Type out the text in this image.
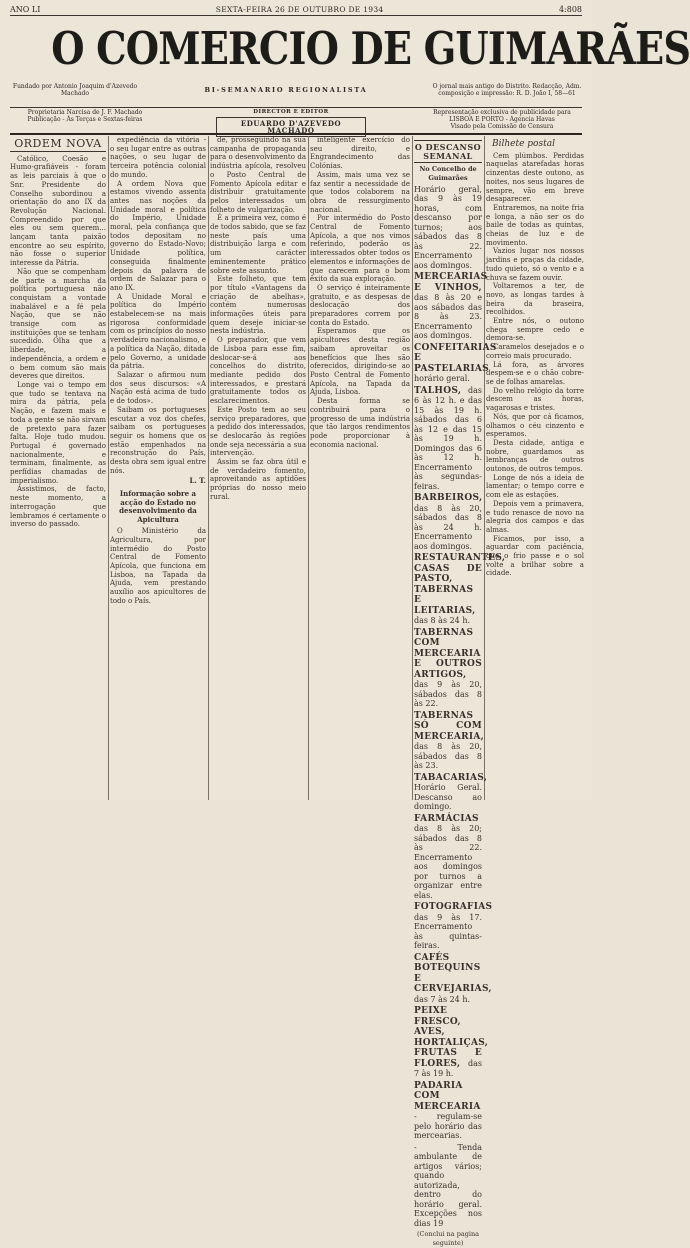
ANO LI	SEXTA-FEIRA 26 DE OUTUBRO DE 1934	4:808
O COMERCIO DE GUIMARÃES
Fundado por Antonio Joaquim d'Azevedo Machado	BI-SEMANARIO REGIONALISTA	O jornal mais antigo do Distrito. Redacção, Adm. composição e impressão: R. D. João I, 58—61
Proprietaria Narcisa de J. F. Machado
Publicação - Às Terças e Sextas-feiras
DIRECTOR E EDITOR
EDUARDO D'AZEVEDO MACHADO
Representação exclusiva de publicidade para LISBOA E PORTO - Agencia Havas
Visado pela Comissão de Censura
ORDEM NOVA

Católico, Coesão e Humo-grafiáveis - foram as leis parciais à que o Snr. Presidente do Conselho subordinou a orientação do ano IX da Revolução Nacional. Compreendido por que eles ou sem querem... lançam tanta paixão encontre ao seu espírito, não fosse o superior interesse da Pátria.

Não que se compenham de parte a marcha da política portuguesa não conquistam a vontade inabalável e a fé pela Nação, que se não transige com as instituições que se tenham sucedido. Olha que a liberdade, a independência, a ordem e o bem comum são mais deveres que direitos.

Longe vai o tempo em que tudo se tentava na mira da pátria, pela Nação, e fazem mais e toda a gente se não sirvam de pretexto para fazer falta. Hoje tudo mudou. Portugal é governado nacionalmente, e terminam, finalmente, as perfídias chamadas de imperialismo.

Assistimos, de facto, neste momento, a interrogação que lembramos é certamente o inverso do passado.

expediência da vitória - o seu lugar entre as outras nações, o seu lugar de terceira potência colonial do mundo.

A ordem Nova que estamos vivendo assenta antes nas noções da Unidade moral e política do Império, Unidade moral, pela confiança que todos depositam no governo do Estado-Novo; Unidade política, conseguida finalmente depois da palavra de ordem de Salazar para o ano IX.

A Unidade Moral e política do Império estabelecem-se na mais rigorosa conformidade com os princípios do nosso verdadeiro nacionalismo, e a política da Nação, ditada pelo Governo, a unidade da pátria.

Salazar o afirmou num dos seus discursos: «A Nação está acima de tudo e de todos».

Saibam os portugueses escutar a voz dos chefes, saibam os portugueses seguir os homens que os estão empenhados na reconstrução do País, desta obra sem igual entre nós.

L. T.
Informação sobre a acção do Estado no desenvolvimento da Apicultura

O Ministério da Agricultura, por intermédio do Posto Central de Fomento Apícola, que funciona em Lisboa, na Tapada da Ajuda, vem prestando auxílio aos apicultores de todo o País.

de, prosseguindo na sua campanha de propaganda para o desenvolvimento da indústria apícola, resolveu o Posto Central de Fomento Apícola editar e distribuir gratuitamente pelos interessados um folheto de vulgarização.

É a primeira vez, como é de todos sabido, que se faz neste país uma distribuição larga e com um carácter eminentemente prático sobre este assunto.

Este folheto, que tem por título «Vantagens da criação de abelhas», contém numerosas informações úteis para quem deseje iniciar-se nesta indústria.

O preparador, que vem de Lisboa para esse fim, deslocar-se-á aos concelhos do distrito, mediante pedido dos interessados, e prestará gratuitamente todos os esclarecimentos.

Este Posto tem ao seu serviço preparadores, que a pedido dos interessados, se deslocarão às regiões onde seja necessária a sua intervenção.

Assim se faz obra útil e de verdadeiro fomento, aproveitando as aptidões próprias do nosso meio rural.

inteligente exercício do seu direito, e Engrandecimento das Colónias.

Assim, mais uma vez se faz sentir a necessidade de que todos colaborem na obra de ressurgimento nacional.

Por intermédio do Posto Central de Fomento Apícola, a que nos vimos referindo, poderão os interessados obter todos os elementos e informações de que carecem para o bom êxito da sua exploração.

O serviço é inteiramente gratuito, e as despesas de deslocação dos preparadores correm por conta do Estado.

Esperamos que os apicultores desta região saibam aproveitar os benefícios que lhes são oferecidos, dirigindo-se ao Posto Central de Fomento Apícola, na Tapada da Ajuda, Lisboa.

Desta forma se contribuirá para o progresso de uma indústria que tão largos rendimentos pode proporcionar à economia nacional.

O DESCANSO SEMANAL
No Concelho de Guimarães

Horário geral, das 9 às 19 horas, com descanso por turnos; aos sábados das 8 às 22. Encerramento aos domingos.

MERCEARIAS E VINHOS, das 8 às 20 e aos sábados das 8 às 23. Encerramento aos domingos.

CONFEITARIAS E PASTELARIAS horário geral.

TALHOS, das 6 às 12 h. e das 15 às 19 h. sábados das 6 às 12 e das 15 às 19 h. Domingos das 6 às 12 h. Encerramento às segundas-feiras.

BARBEIROS, das 8 às 20, sábados das 8 às 24 h. Encerramento aos domingos.

RESTAURANTES, CASAS DE PASTO, TABERNAS E LEITARIAS, das 8 às 24 h.

TABERNAS COM MERCEARIA E OUTROS ARTIGOS, das 9 às 20, sábados das 8 às 22.

TABERNAS SÓ COM MERCEARIA, das 8 às 20, sábados das 8 às 23.

TABACARIAS, Horário Geral. Descanso ao domingo.

FARMÁCIAS das 8 às 20; sábados das 8 às 22. Encerramento aos domingos por turnos a organizar entre elas.

FOTOGRAFIAS das 9 às 17. Encerramento às quintas-feiras.

CAFÉS BOTEQUINS E CERVEJARIAS, das 7 às 24 h.

PEIXE FRESCO, AVES, HORTALIÇAS, FRUTAS E FLORES, das 7 às 19 h.

PADARIA COM MERCEARIA - regulam-se pelo horário das mercearias.

- Tenda ambulante de artigos vários; quando autorizada, dentro do horário geral. Excepções nos dias 19

(Conclui na pagina seguinte)
Bilhete postal

Cem plúmbos. Perdidas naquelas atarefadas horas cinzentas deste outono, as noites, nos seus lugares de sempre, vão em breve desaparecer.

Entraremos, na noite fria e longa, a não ser os do baile de todas as quintas, cheias de luz e de movimento.

Vazios lugar nos nossos jardins e praças da cidade, tudo quieto, só o vento e a chuva se fazem ouvir.

Voltaremos a ter, de novo, as longas tardes à beira da braseira, recolhidos.

Entre nós, o outono chega sempre cedo e demora-se.

Caramelos desejados e o correio mais procurado.

Lá fora, as árvores despem-se e o chão cobre-se de folhas amarelas.

Do velho relógio da torre descem as horas, vagarosas e tristes.

Nós, que por cá ficamos, olhamos o céu cinzento e esperamos.

Desta cidade, antiga e nobre, guardamos as lembranças de outros outonos, de outros tempos.

Longe de nós a ideia de lamentar; o tempo corre e com ele as estações.

Depois vem a primavera, e tudo renasce de novo na alegria dos campos e das almas.

Ficamos, por isso, a aguardar com paciência, que o frio passe e o sol volte a brilhar sobre a cidade.
